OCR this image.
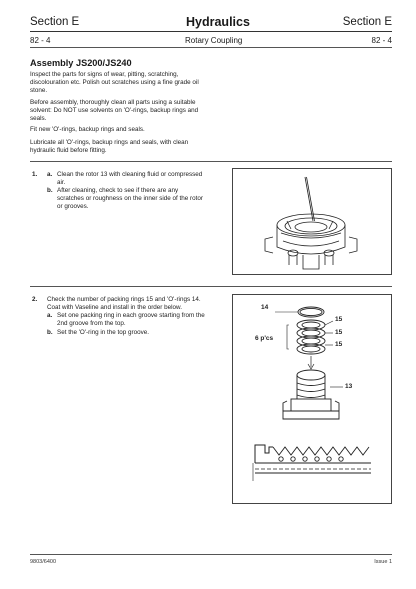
Section E	Hydraulics	Section E
82 - 4	Rotary Coupling	82 - 4
Assembly JS200/JS240
Inspect the parts for signs of wear, pitting, scratching,
discolouration etc. Polish out scratches using a fine grade oil
stone.
Before assembly, thoroughly clean all parts using a suitable
solvent: Do NOT use solvents on 'O'-rings, backup rings and
seals.
Fit new 'O'-rings, backup rings and seals.
Lubricate all 'O'-rings, backup rings and seals, with clean
hydraulic fluid before fitting.
1. a. Clean the rotor 13 with cleaning fluid or compressed
air.
b. After cleaning, check to see if there are any
scratches or roughness on the inner side of the rotor
or grooves.
2. Check the number of packing rings 15 and 'O'-rings 14.
Coat with Vaseline and install in the order below.
a. Set one packing ring in each groove starting from the
2nd groove from the top.
b. Set the 'O'-ring in the top groove.
14
15
15
15
6 p'cs
13
9803/6400	Issue 1
